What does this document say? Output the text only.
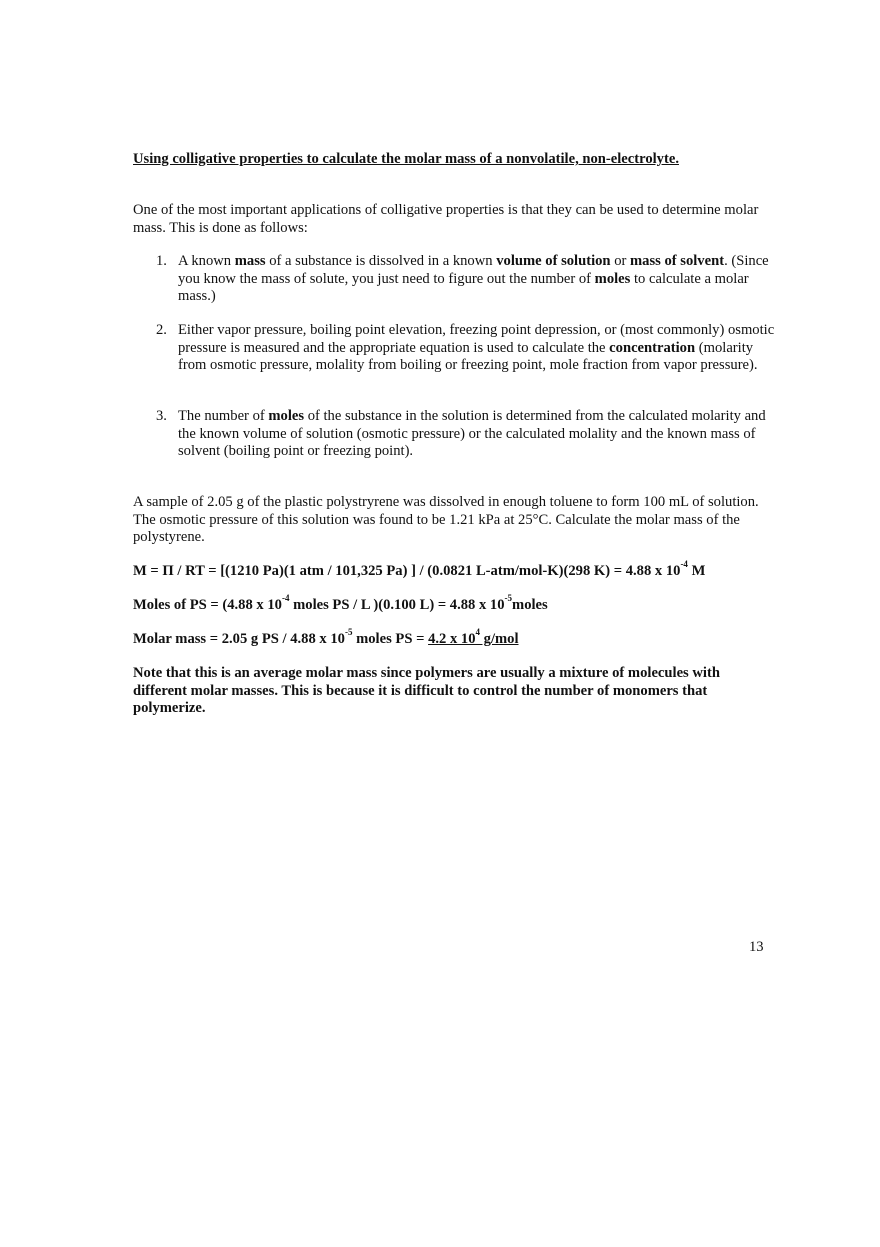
Using colligative properties to calculate the molar mass of a nonvolatile, non-electrolyte.
One of the most important applications of colligative properties is that they can be used to determine molar mass. This is done as follows:
1. A known mass of a substance is dissolved in a known volume of solution or mass of solvent. (Since you know the mass of solute, you just need to figure out the number of moles to calculate a molar mass.)
2. Either vapor pressure, boiling point elevation, freezing point depression, or (most commonly) osmotic pressure is measured and the appropriate equation is used to calculate the concentration (molarity from osmotic pressure, molality from boiling or freezing point, mole fraction from vapor pressure).
3. The number of moles of the substance in the solution is determined from the calculated molarity and the known volume of solution (osmotic pressure) or the calculated molality and the known mass of solvent (boiling point or freezing point).
A sample of 2.05 g of the plastic polystryrene was dissolved in enough toluene to form 100 mL of solution. The osmotic pressure of this solution was found to be 1.21 kPa at 25°C. Calculate the molar mass of the polystyrene.
M = Π / RT = [(1210 Pa)(1 atm / 101,325 Pa) ] / (0.0821 L-atm/mol-K)(298 K) = 4.88 x $10^{-4}$ M
Moles of PS = (4.88 x $10^{-4}$ moles PS / L )(0.100 L) = 4.88 x $10^{-5}moles$
Molar mass = 2.05 g PS / 4.88 x $10^{-5}$ moles PS = 4.2 x $10^4$ g/mol
Note that this is an average molar mass since polymers are usually a mixture of molecules with different molar masses. This is because it is difficult to control the number of monomers that polymerize.
13
